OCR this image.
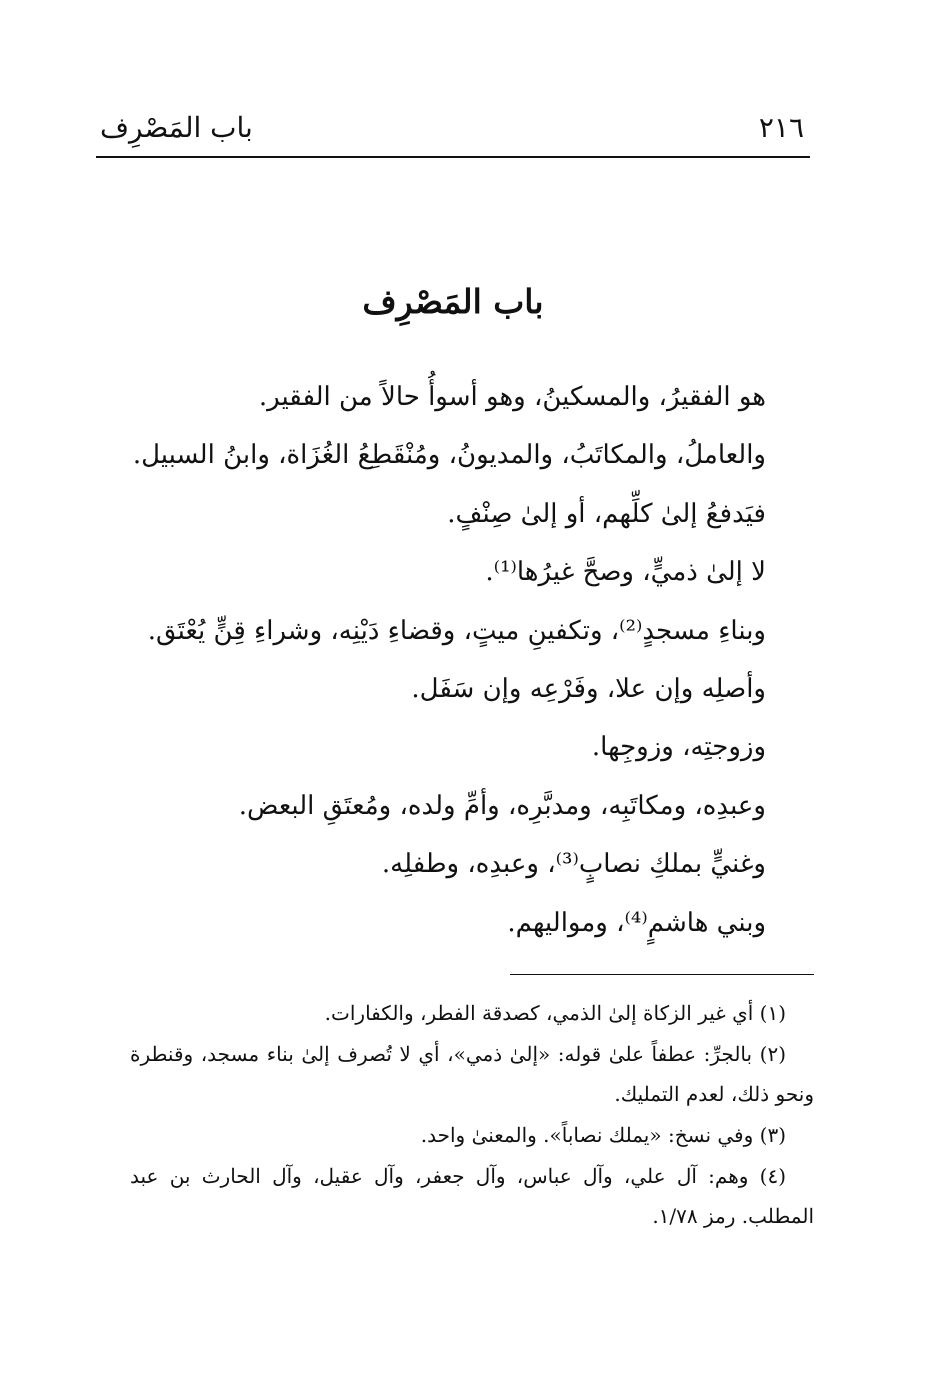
٢١٦
باب المَصْرِف
باب المَصْرِف
هو الفقيرُ، والمسكينُ، وهو أسوأُ حالاً من الفقير.
والعاملُ، والمكاتَبُ، والمديونُ، ومُنْقَطِعُ الغُزَاة، وابنُ السبيل.
فيَدفعُ إلىٰ كلِّهم، أو إلىٰ صِنْفٍ.
لا إلىٰ ذميٍّ، وصحَّ غيرُها⁽¹⁾.
وبناءِ مسجدٍ⁽²⁾، وتكفينِ ميتٍ، وقضاءِ دَيْنِه، وشراءِ قِنٍّ يُعْتَق.
وأصلِه وإن علا، وفَرْعِه وإن سَفَل.
وزوجتِه، وزوجِها.
وعبدِه، ومكاتَبِه، ومدبَّرِه، وأمِّ ولده، ومُعتَقِ البعض.
وغنيٍّ بملكِ نصابٍ⁽³⁾، وعبدِه، وطفلِه.
وبني هاشمٍ⁽⁴⁾، ومواليهم.

(١) أي غير الزكاة إلىٰ الذمي، كصدقة الفطر، والكفارات.

(٢) بالجرِّ: عطفاً علىٰ قوله: «إلىٰ ذمي»، أي لا تُصرف إلىٰ بناء مسجد، وقنطرة ونحو ذلك، لعدم التمليك.

(٣) وفي نسخ: «يملك نصاباً». والمعنىٰ واحد.

(٤) وهم: آل علي، وآل عباس، وآل جعفر، وآل عقيل، وآل الحارث بن عبد المطلب. رمز ١/٧٨.
